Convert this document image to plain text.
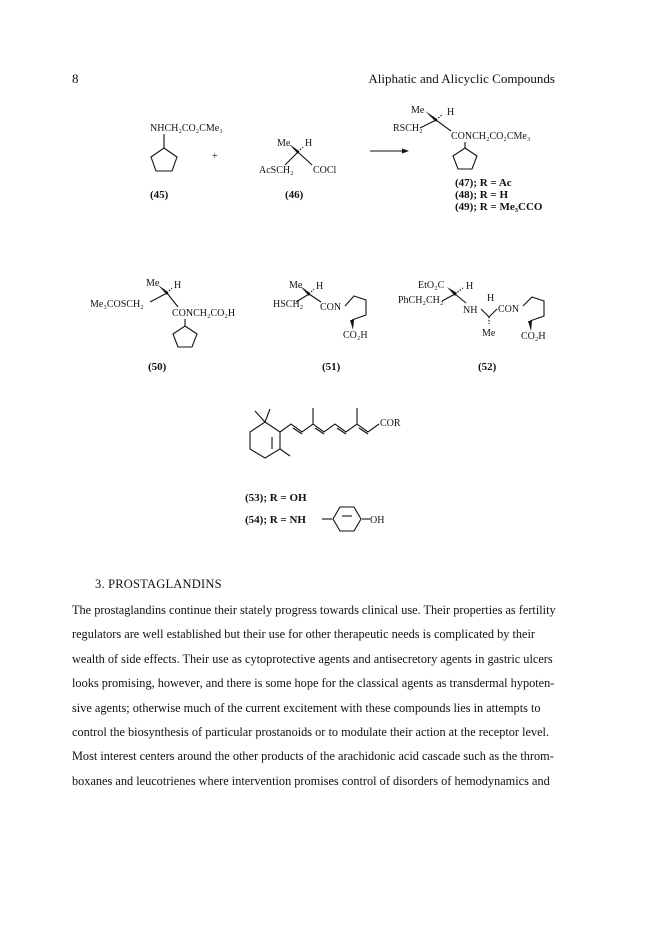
8	Aliphatic and Alicyclic Compounds
NHCH₂CO₂CMe₃
(45)
+
Me H
AcSCH₂ COCl
(46)
Me H
RSCH₂
CONCH₂CO₂CMe₃
(47); R = Ac
(48); R = H
(49); R = Me₃CCO
Me H
Me₃COSCH₂
CONCH₂CO₂H
(50)
Me H
HSCH₂ CON
CO₂H
(51)
EtO₂C H
PhCH₂CH₂	H
NH CON
Me	CO₂H
(52)
COR
(53); R = OH
(54); R = NH	OH
3. PROSTAGLANDINS

The prostaglandins continue their stately progress towards clinical use. Their properties as fertility
regulators are well established but their use for other therapeutic needs is complicated by their
wealth of side effects. Their use as cytoprotective agents and antisecretory agents in gastric ulcers
looks promising, however, and there is some hope for the classical agents as transdermal hypoten-
sive agents; otherwise much of the current excitement with these compounds lies in attempts to
control the biosynthesis of particular prostanoids or to modulate their action at the receptor level.
Most interest centers around the other products of the arachidonic acid cascade such as the throm-
boxanes and leucotrienes where intervention promises control of disorders of hemodynamics and
